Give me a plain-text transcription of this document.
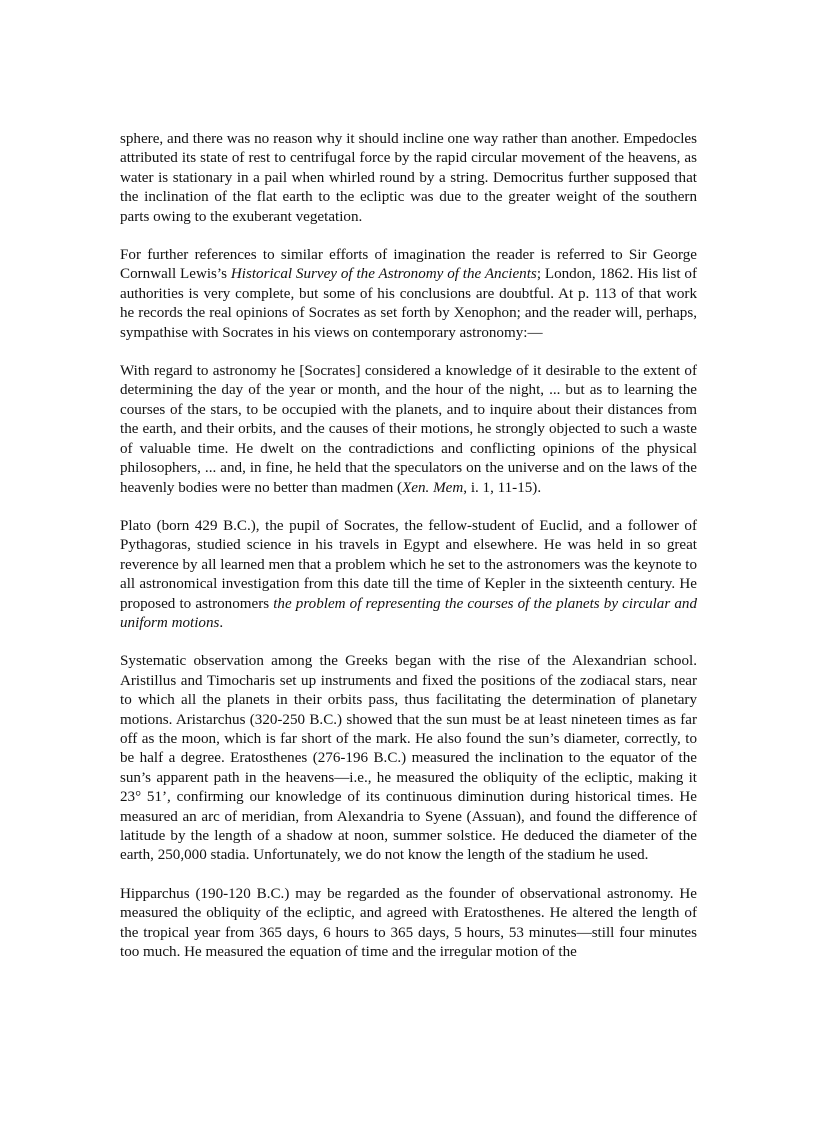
sphere, and there was no reason why it should incline one way rather than another. Empedocles attributed its state of rest to centrifugal force by the rapid circular movement of the heavens, as water is stationary in a pail when whirled round by a string. Democritus further supposed that the inclination of the flat earth to the ecliptic was due to the greater weight of the southern parts owing to the exuberant vegetation.

For further references to similar efforts of imagination the reader is referred to Sir George Cornwall Lewis’s Historical Survey of the Astronomy of the Ancients; London, 1862. His list of authorities is very complete, but some of his conclusions are doubtful. At p. 113 of that work he records the real opinions of Socrates as set forth by Xenophon; and the reader will, perhaps, sympathise with Socrates in his views on contemporary astronomy:—

With regard to astronomy he [Socrates] considered a knowledge of it desirable to the extent of determining the day of the year or month, and the hour of the night, ... but as to learning the courses of the stars, to be occupied with the planets, and to inquire about their distances from the earth, and their orbits, and the causes of their motions, he strongly objected to such a waste of valuable time. He dwelt on the contradictions and conflicting opinions of the physical philosophers, ... and, in fine, he held that the speculators on the universe and on the laws of the heavenly bodies were no better than madmen (Xen. Mem, i. 1, 11-15).

Plato (born 429 B.C.), the pupil of Socrates, the fellow-student of Euclid, and a follower of Pythagoras, studied science in his travels in Egypt and elsewhere. He was held in so great reverence by all learned men that a problem which he set to the astronomers was the keynote to all astronomical investigation from this date till the time of Kepler in the sixteenth century. He proposed to astronomers the problem of representing the courses of the planets by circular and uniform motions.

Systematic observation among the Greeks began with the rise of the Alexandrian school. Aristillus and Timocharis set up instruments and fixed the positions of the zodiacal stars, near to which all the planets in their orbits pass, thus facilitating the determination of planetary motions. Aristarchus (320-250 B.C.) showed that the sun must be at least nineteen times as far off as the moon, which is far short of the mark. He also found the sun’s diameter, correctly, to be half a degree. Eratosthenes (276-196 B.C.) measured the inclination to the equator of the sun’s apparent path in the heavens—i.e., he measured the obliquity of the ecliptic, making it 23° 51’, confirming our knowledge of its continuous diminution during historical times. He measured an arc of meridian, from Alexandria to Syene (Assuan), and found the difference of latitude by the length of a shadow at noon, summer solstice. He deduced the diameter of the earth, 250,000 stadia. Unfortunately, we do not know the length of the stadium he used.

Hipparchus (190-120 B.C.) may be regarded as the founder of observational astronomy. He measured the obliquity of the ecliptic, and agreed with Eratosthenes. He altered the length of the tropical year from 365 days, 6 hours to 365 days, 5 hours, 53 minutes—still four minutes too much. He measured the equation of time and the irregular motion of the
